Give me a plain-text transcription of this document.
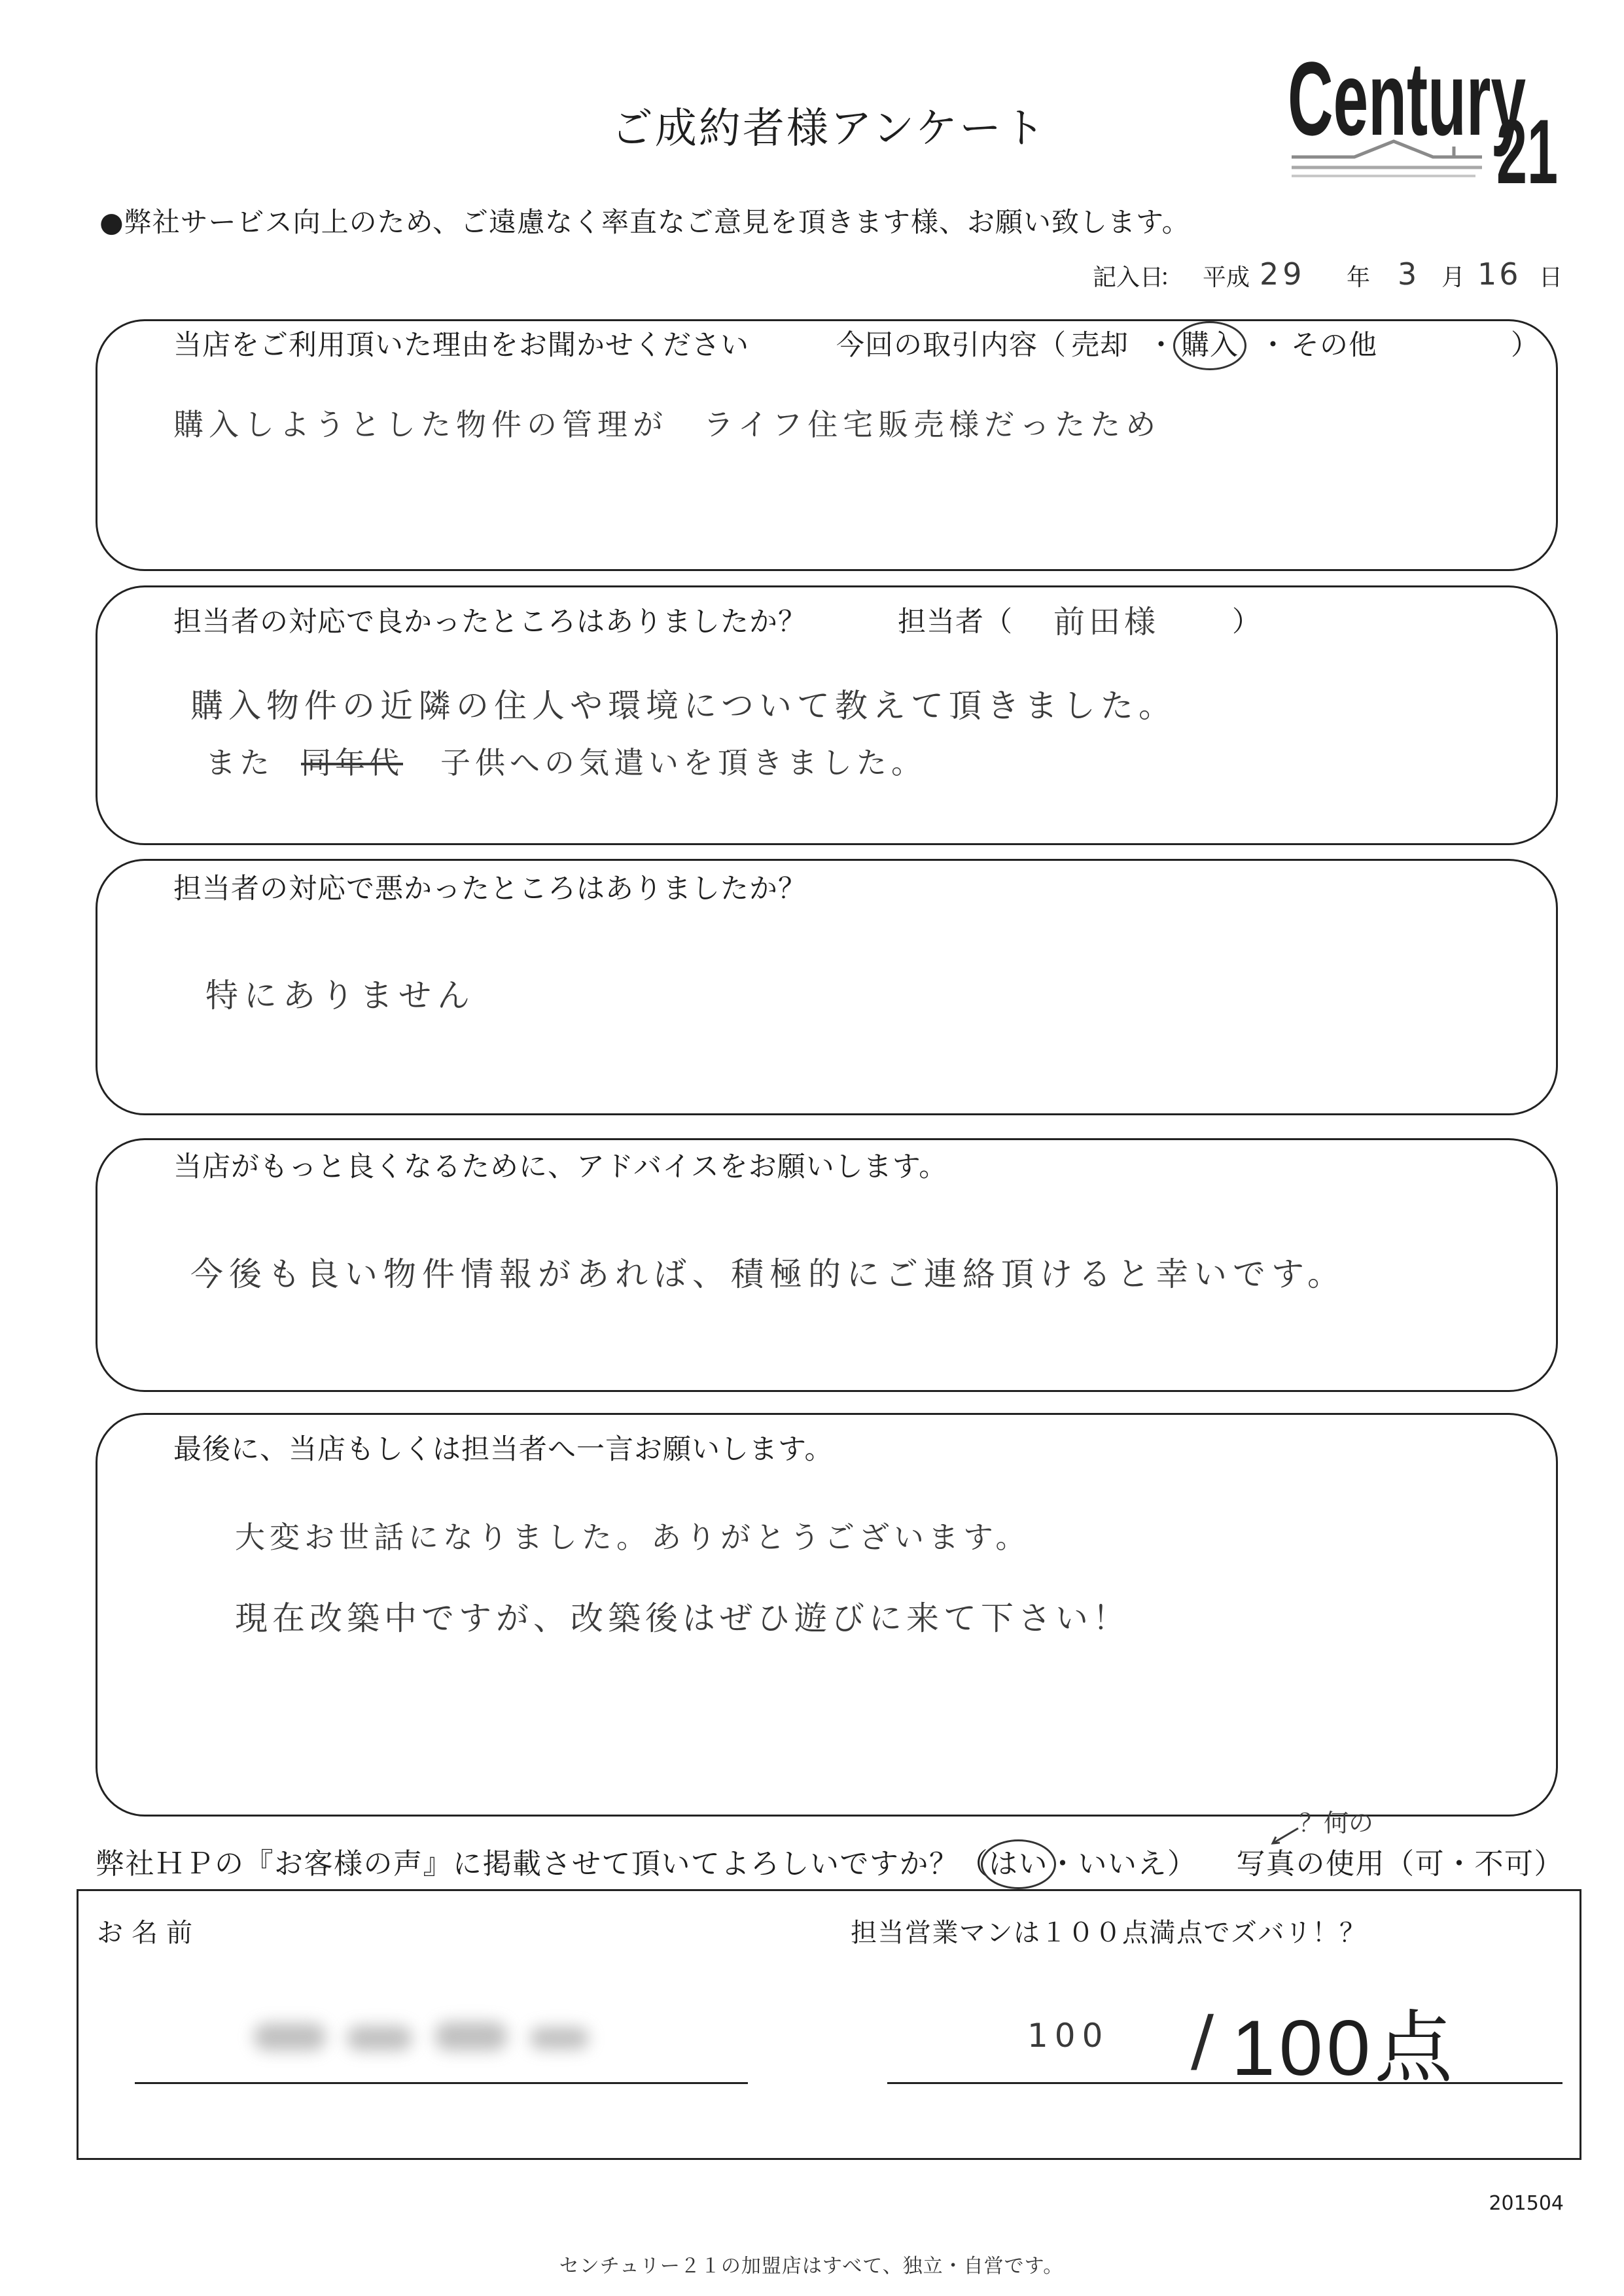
ご成約者様アンケート Century
21
●弊社サービス向上のため、ご遠慮なく率直なご意見を頂きます様、お願い致します。
記入日
： 平成 29 年 3 月 16 日
当店をご利用頂いた理由をお聞かせください	今回の取引内容（ 売却 ・ 購入 ・ その他	）
購入しようとした物件の管理が　ライフ住宅販売様だったため
担当者の対応で良かったところはありましたか？	担当者（ 前田様	）
購入物件の近隣の住人や環境について教えて頂きました。
また 同年代 子供への気遣いを頂きました。
担当者の対応で悪かったところはありましたか？
特にありません
当店がもっと良くなるために、アドバイスをお願いします。
今後も良い物件情報があれば、積極的にご連絡頂けると幸いです。
最後に、当店もしくは担当者へ一言お願いします。
大変お世話になりました。ありがとうございます。
現在改築中ですが、改築後はぜひ遊びに来て下さい！
？何の
弊社ＨＰの『お客様の声』に掲載させて頂いてよろしいですか？（はい・いいえ） 写真の使用（可・不可）
お名前	担当営業マンは１００点満点でズバリ！？
100 / 100点
201504
センチュリー２１の加盟店はすべて、独立・自営です。
